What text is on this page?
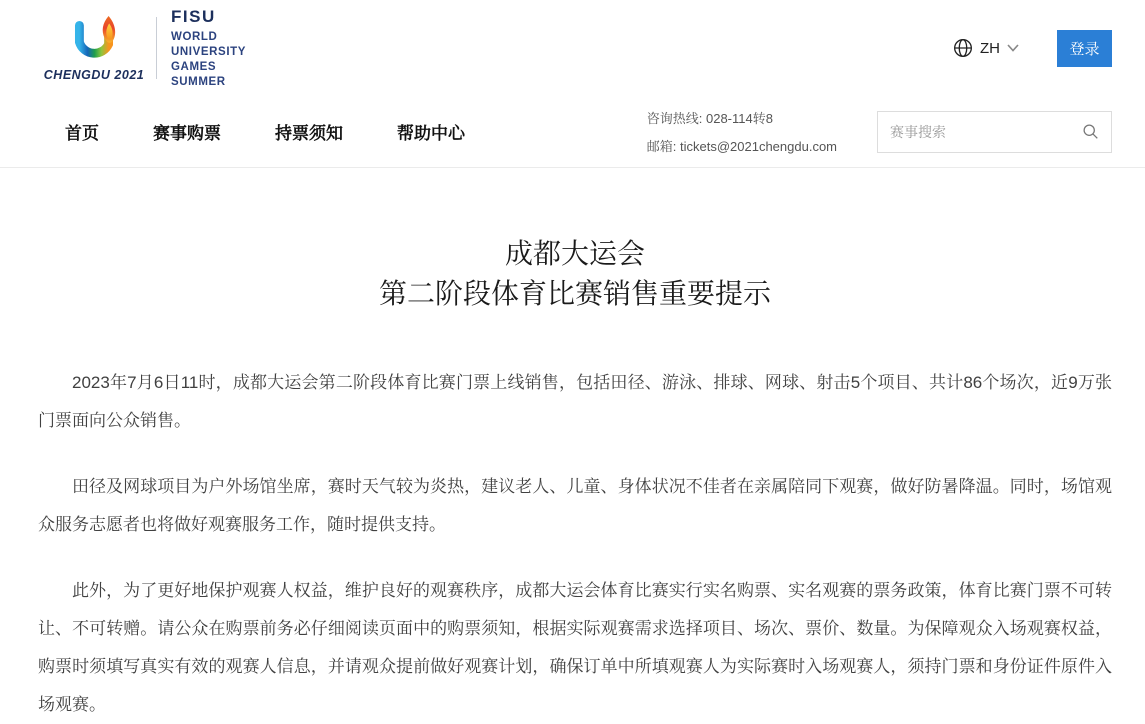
CHENGDU 2021
FISU
WORLD
UNIVERSITY
GAMES
SUMMER
ZH	登录
首页	赛事购票	持票须知	帮助中心
咨询热线: 028-114转8
邮箱: tickets@2021chengdu.com
赛事搜索
成都大运会
第二阶段体育比赛销售重要提示

2023年7月6日11时，成都大运会第二阶段体育比赛门票上线销售，包括田径、游泳、排球、网球、射击5个项目、共计86个场次，近9万张门票面向公众销售。

田径及网球项目为户外场馆坐席，赛时天气较为炎热，建议老人、儿童、身体状况不佳者在亲属陪同下观赛，做好防暑降温。同时，场馆观众服务志愿者也将做好观赛服务工作，随时提供支持。

此外，为了更好地保护观赛人权益，维护良好的观赛秩序，成都大运会体育比赛实行实名购票、实名观赛的票务政策，体育比赛门票不可转让、不可转赠。请公众在购票前务必仔细阅读页面中的购票须知，根据实际观赛需求选择项目、场次、票价、数量。为保障观众入场观赛权益，购票时须填写真实有效的观赛人信息，并请观众提前做好观赛计划，确保订单中所填观赛人为实际赛时入场观赛人，须持门票和身份证件原件入场观赛。
